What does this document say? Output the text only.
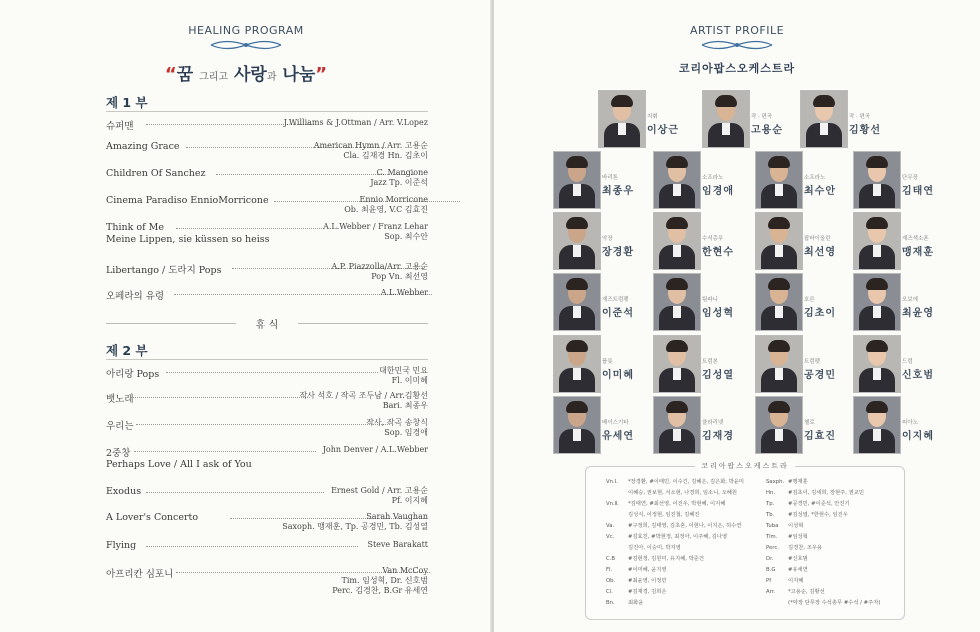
HEALING PROGRAM
“꿈 그리고 사랑과 나눔”
제 1 부
슈퍼맨	J.Williams & J.Ottman / Arr. V.Lopez
Amazing Grace	American Hymn / Arr. 고용순
Cla. 김재경 Hn. 김초이
Children Of Sanchez	C. Mangione
Jazz Tp. 이준석
Cinema Paradiso EnnioMorricone	Ennio Morricone
Ob. 최윤영, V.C 김효진
Think of Me
Meine Lippen, sie küssen so heiss
A.L.Webber / Franz Lehar
Sop. 최수안
Libertango / 도라지 Pops	A.P. Piazzolla/Arr. 고용순
Pop Vn. 최선영
오페라의 유령	A.L.Webber
휴 식
제 2 부
아리랑 Pops	대한민국 민요
Fl. 이미혜
뱃노래	작사 석호 / 작곡 조두남 / Arr.김황선
Bari. 최종우
우리는	작사, 작곡 송창식
Sop. 임경애
2중창
Perhaps Love / All I ask of You
John Denver / A.L.Webber
Exodus	Ernest Gold / Arr. 고용순
Pf. 이지혜
A Lover's Concerto	Sarah Vaughan
Saxoph. 맹재훈, Tp. 공경민, Tb. 김성열
Flying	Steve Barakatt
아프리칸 심포니	Van McCoy
Tim. 임성혁, Dr. 신호범
Perc. 김경찬, B.Gr 유세연
ARTIST PROFILE
코리아팝스오케스트라
지휘
이상근
작 · 편곡
고용순
작 · 편곡
김황선
바리톤
최종우
소프라노
임경애
소프라노
최수안
단무장
김태연
악장
장경환
수석총무
한현수
팝바이올린
최선영
재즈색소폰
맹재훈
재즈트럼펫
이준석
팀파니
임성혁
호른
김초이
오보에
최윤영
플룻
이미혜
트럼본
김성열
트럼펫
공경민
드럼
신호범
베이스기타
유세연
클라리넷
김재경
첼로
김효진
피아노
이지혜
코리아팝스오케스트라
Vn.Ⅰ. *장경환, #이태민, 이수긴, 김혜은, 김은화, 박윤미
이혜승, 권보현, 서소현, 나경희, 임소니, 오혜원
Vn.Ⅱ. *김태연, #최선영, 이진우, 박현혜, 이지혜
김성식, 이정현, 임진철, 김혜진
Va.	#구정희, 김태영, 김초혼, 이현나, 이지은, 허수연
Vc.	#김효진, #박현정, 최정아, 이주혜, 김나영
김진아, 이승미, 박지영
C.B #김현정, 김원미, 유지혜, 박준건
Fl.	#이미혜, 윤지영
Ob. #최윤영, 이정민
Cl.	#김재경, 김희은
Bn.	최화윤
Saxph. #맹재훈
Hn. #김초이, 김세희, 장현주, 권교민
Tp.	#공경민, #이준석, 안진기
Tb.	#김성열, *한현수, 임진우
Tuba 이성혁
Tim. #임성혁
Perc. 김경찬, 조우용
Dr.	#신호범
B.G #유세연
Pf	이지혜
Arr. *고용순, 김황선
(*악장 단무장 수석총무 #수석 / #주자)
